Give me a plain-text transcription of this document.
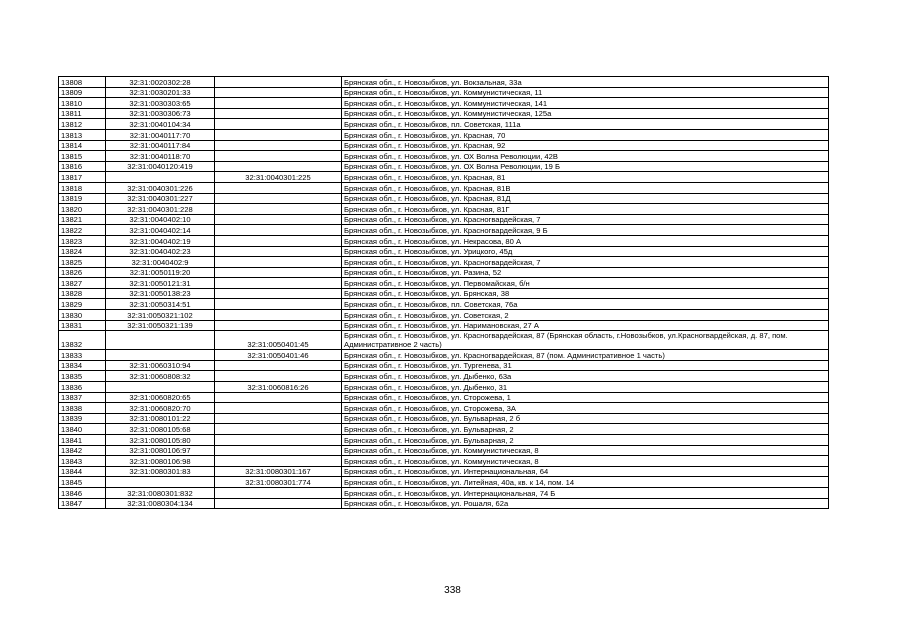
13808	32:31:0020302:28		Брянская обл., г. Новозыбков, ул. Вокзальная, 33а
13809	32:31:0030201:33		Брянская обл., г. Новозыбков, ул. Коммунистическая, 11
13810	32:31:0030303:65		Брянская обл., г. Новозыбков, ул. Коммунистическая, 141
13811	32:31:0030306:73		Брянская обл., г. Новозыбков, ул. Коммунистическая, 125а
13812	32:31:0040104:34		Брянская обл., г. Новозыбков, пл. Советская, 111а
13813	32:31:0040117:70		Брянская обл., г. Новозыбков, ул. Красная, 70
13814	32:31:0040117:84		Брянская обл., г. Новозыбков, ул. Красная, 92
13815	32:31:0040118:70		Брянская обл., г. Новозыбков, ул. ОХ Волна Революции, 42В
13816	32:31:0040120:419		Брянская обл., г. Новозыбков, ул. ОХ Волна Революции, 19 Б
13817		32:31:0040301:225	Брянская обл., г. Новозыбков, ул. Красная, 81
13818	32:31:0040301:226		Брянская обл., г. Новозыбков, ул. Красная, 81В
13819	32:31:0040301:227		Брянская обл., г. Новозыбков, ул. Красная, 81Д
13820	32:31:0040301:228		Брянская обл., г. Новозыбков, ул. Красная, 81Г
13821	32:31:0040402:10		Брянская обл., г. Новозыбков, ул. Красногвардейская, 7
13822	32:31:0040402:14		Брянская обл., г. Новозыбков, ул. Красногвардейская, 9 Б
13823	32:31:0040402:19		Брянская обл., г. Новозыбков, ул. Некрасова, 80 А
13824	32:31:0040402:23		Брянская обл., г. Новозыбков, ул. Урицкого, 45д
13825	32:31:0040402:9		Брянская обл., г. Новозыбков, ул. Красногвардейская, 7
13826	32:31:0050119:20		Брянская обл., г. Новозыбков, ул. Разина, 52
13827	32:31:0050121:31		Брянская обл., г. Новозыбков, ул. Первомайская, б/н
13828	32:31:0050138:23		Брянская обл., г. Новозыбков, ул. Брянская, 38
13829	32:31:0050314:51		Брянская обл., г. Новозыбков, пл. Советская, 76а
13830	32:31:0050321:102		Брянская обл., г. Новозыбков, ул. Советская, 2
13831	32:31:0050321:139		Брянская обл., г. Новозыбков, ул. Наримановская, 27 А
13832		32:31:0050401:45	Брянская обл., г. Новозыбков, ул. Красногвардейская, 87 (Брянская область, г.Новозыбков, ул.Красногвардейская, д. 87, пом. Административное 2 часть)
13833		32:31:0050401:46	Брянская обл., г. Новозыбков, ул. Красногвардейская, 87 (пом. Административное 1 часть)
13834	32:31:0060310:94		Брянская обл., г. Новозыбков, ул. Тургенева, 31
13835	32:31:0060808:32		Брянская обл., г. Новозыбков, ул. Дыбенко, 63а
13836		32:31:0060816:26	Брянская обл., г. Новозыбков, ул. Дыбенко, 31
13837	32:31:0060820:65		Брянская обл., г. Новозыбков, ул. Сторожева, 1
13838	32:31:0060820:70		Брянская обл., г. Новозыбков, ул. Сторожева, 3А
13839	32:31:0080101:22		Брянская обл., г. Новозыбков, ул. Бульварная, 2 б
13840	32:31:0080105:68		Брянская обл., г. Новозыбков, ул. Бульварная, 2
13841	32:31:0080105:80		Брянская обл., г. Новозыбков, ул. Бульварная, 2
13842	32:31:0080106:97		Брянская обл., г. Новозыбков, ул. Коммунистическая, 8
13843	32:31:0080106:98		Брянская обл., г. Новозыбков, ул. Коммунистическая, 8
13844	32:31:0080301:83	32:31:0080301:167	Брянская обл., г. Новозыбков, ул. Интернациональная, 64
13845		32:31:0080301:774	Брянская обл., г. Новозыбков, ул. Литейная, 40а, кв. к 14, пом. 14
13846	32:31:0080301:832		Брянская обл., г. Новозыбков, ул. Интернациональная, 74 Б
13847	32:31:0080304:134		Брянская обл., г. Новозыбков, ул. Рошаля, 62а
338
